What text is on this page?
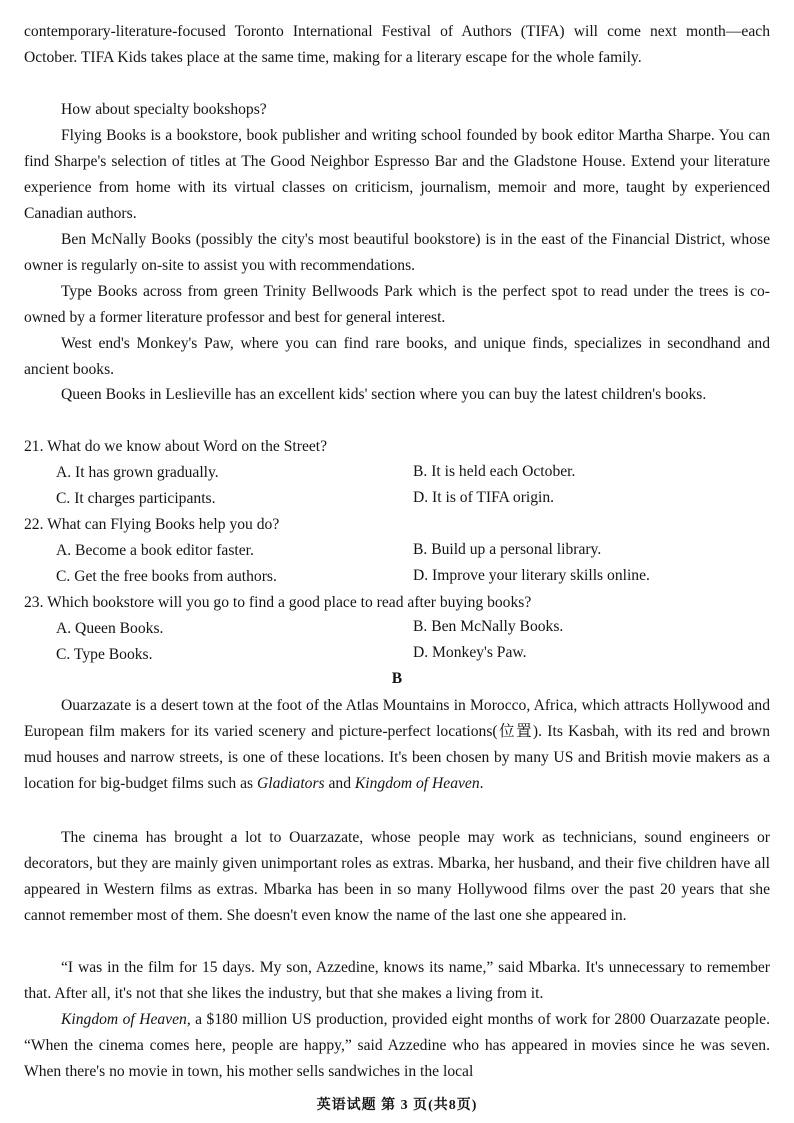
contemporary-literature-focused Toronto International Festival of Authors (TIFA) will come next month—each October. TIFA Kids takes place at the same time, making for a literary escape for the whole family.

How about specialty bookshops?

Flying Books is a bookstore, book publisher and writing school founded by book editor Martha Sharpe. You can find Sharpe's selection of titles at The Good Neighbor Espresso Bar and the Gladstone House. Extend your literature experience from home with its virtual classes on criticism, journalism, memoir and more, taught by experienced Canadian authors.

Ben McNally Books (possibly the city's most beautiful bookstore) is in the east of the Financial District, whose owner is regularly on-site to assist you with recommendations.

Type Books across from green Trinity Bellwoods Park which is the perfect spot to read under the trees is co-owned by a former literature professor and best for general interest.

West end's Monkey's Paw, where you can find rare books, and unique finds, specializes in secondhand and ancient books.

Queen Books in Leslieville has an excellent kids' section where you can buy the latest children's books.

21. What do we know about Word on the Street?

A. It has grown gradually.	B. It is held each October.

C. It charges participants.	D. It is of TIFA origin.

22. What can Flying Books help you do?

A. Become a book editor faster.	B. Build up a personal library.

C. Get the free books from authors.	D. Improve your literary skills online.

23. Which bookstore will you go to find a good place to read after buying books?

A. Queen Books.	B. Ben McNally Books.

C. Type Books.	D. Monkey's Paw.

B

Ouarzazate is a desert town at the foot of the Atlas Mountains in Morocco, Africa, which attracts Hollywood and European film makers for its varied scenery and picture-perfect locations(位置). Its Kasbah, with its red and brown mud houses and narrow streets, is one of these locations. It's been chosen by many US and British movie makers as a location for big-budget films such as Gladiators and Kingdom of Heaven.

The cinema has brought a lot to Ouarzazate, whose people may work as technicians, sound engineers or decorators, but they are mainly given unimportant roles as extras. Mbarka, her husband, and their five children have all appeared in Western films as extras. Mbarka has been in so many Hollywood films over the past 20 years that she cannot remember most of them. She doesn't even know the name of the last one she appeared in.

“I was in the film for 15 days. My son, Azzedine, knows its name,” said Mbarka. It's unnecessary to remember that. After all, it's not that she likes the industry, but that she makes a living from it.

Kingdom of Heaven, a $180 million US production, provided eight months of work for 2800 Ouarzazate people. “When the cinema comes here, people are happy,” said Azzedine who has appeared in movies since he was seven. When there's no movie in town, his mother sells sandwiches in the local

英语试题 第 3 页(共8页)
